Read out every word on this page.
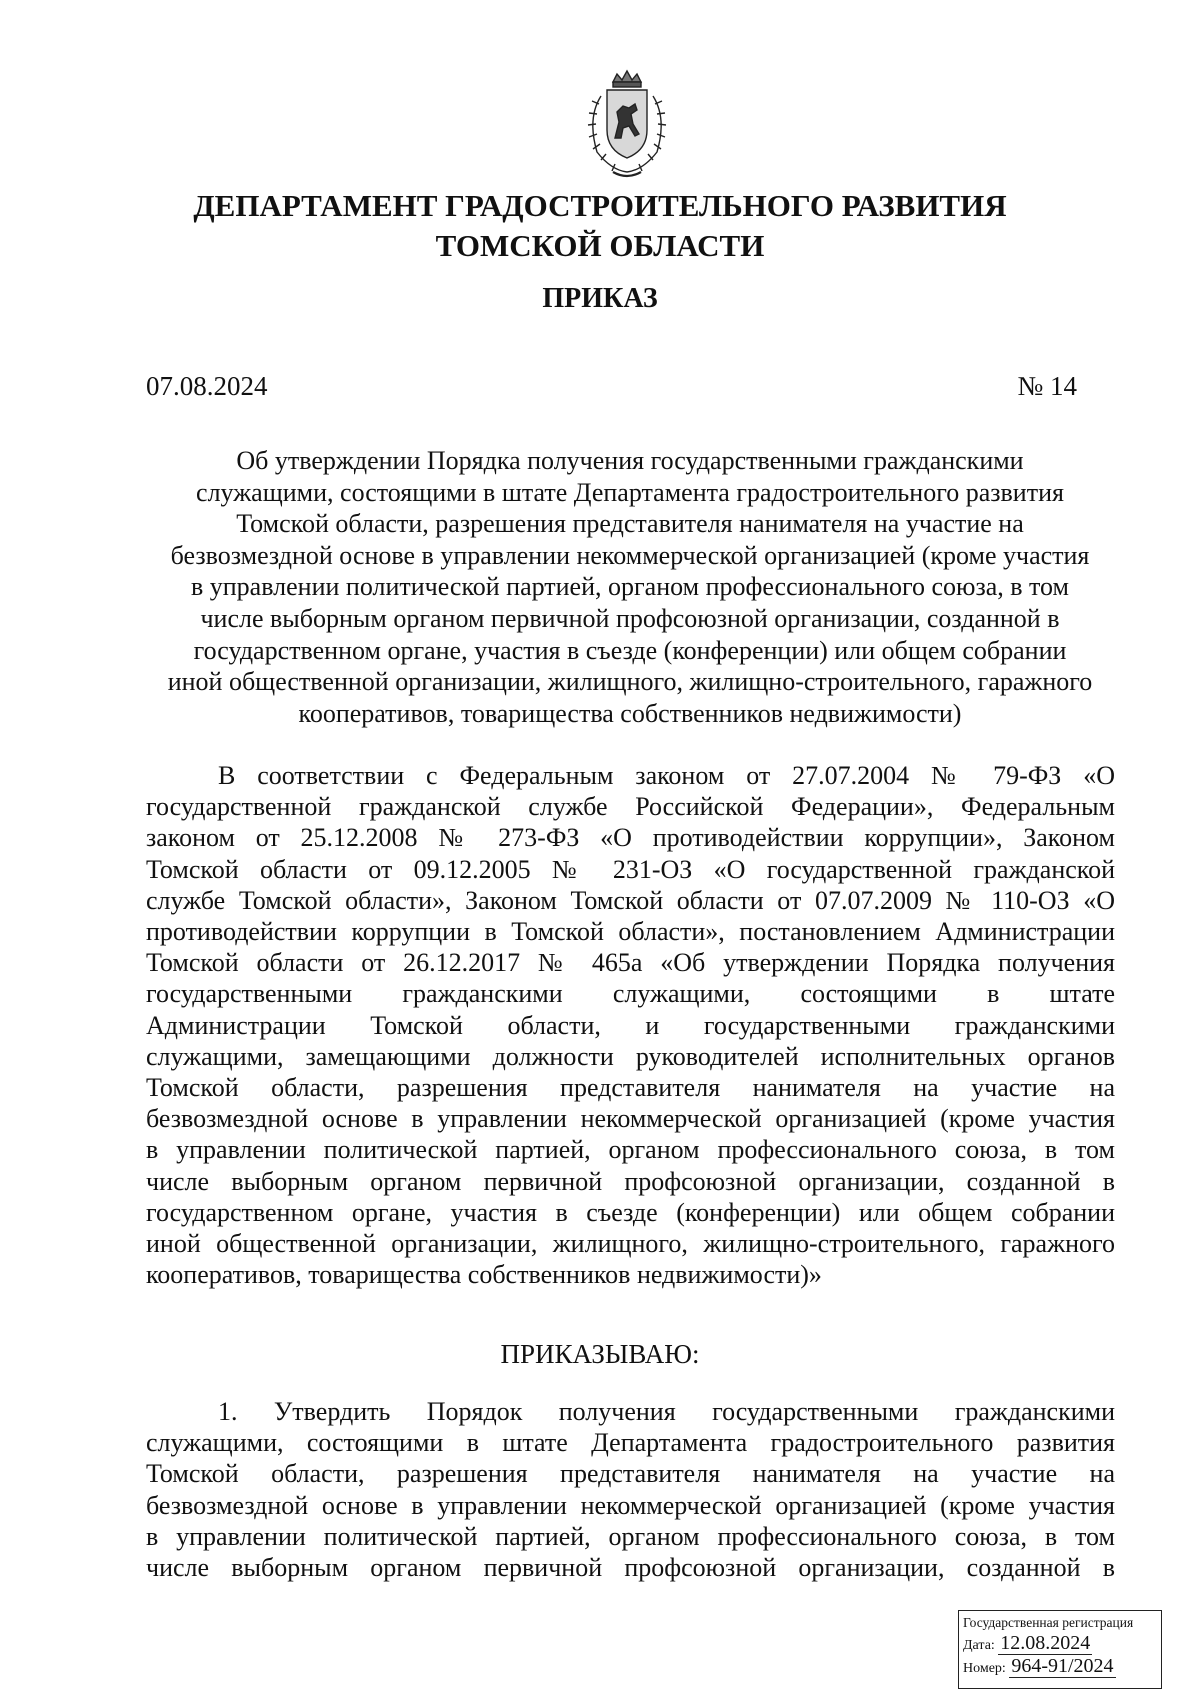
ДЕПАРТАМЕНТ ГРАДОСТРОИТЕЛЬНОГО РАЗВИТИЯ
ТОМСКОЙ ОБЛАСТИ
ПРИКАЗ
07.08.2024	№ 14
Об утверждении Порядка получения государственными гражданскими
служащими, состоящими в штате Департамента градостроительного развития
Томской области, разрешения представителя нанимателя на участие на
безвозмездной основе в управлении некоммерческой организацией (кроме участия
в управлении политической партией, органом профессионального союза, в том
числе выборным органом первичной профсоюзной организации, созданной в
государственном органе, участия в съезде (конференции) или общем собрании
иной общественной организации, жилищного, жилищно-строительного, гаражного
кооперативов, товарищества собственников недвижимости)
В соответствии с Федеральным законом от 27.07.2004 № 79-ФЗ «О
государственной гражданской службе Российской Федерации», Федеральным
законом от 25.12.2008 № 273-ФЗ «О противодействии коррупции», Законом
Томской области от 09.12.2005 № 231-ОЗ «О государственной гражданской
службе Томской области», Законом Томской области от 07.07.2009 № 110-ОЗ «О
противодействии коррупции в Томской области», постановлением Администрации
Томской области от 26.12.2017 № 465а «Об утверждении Порядка получения
государственными гражданскими служащими, состоящими в штате
Администрации Томской области, и государственными гражданскими
служащими, замещающими должности руководителей исполнительных органов
Томской области, разрешения представителя нанимателя на участие на
безвозмездной основе в управлении некоммерческой организацией (кроме участия
в управлении политической партией, органом профессионального союза, в том
числе выборным органом первичной профсоюзной организации, созданной в
государственном органе, участия в съезде (конференции) или общем собрании
иной общественной организации, жилищного, жилищно-строительного, гаражного
кооперативов, товарищества собственников недвижимости)»
ПРИКАЗЫВАЮ:
1. Утвердить Порядок получения государственными гражданскими
служащими, состоящими в штате Департамента градостроительного развития
Томской области, разрешения представителя нанимателя на участие на
безвозмездной основе в управлении некоммерческой организацией (кроме участия
в управлении политической партией, органом профессионального союза, в том
числе выборным органом первичной профсоюзной организации, созданной в
Государственная регистрация
Дата: 12.08.2024
Номер: 964-91/2024
